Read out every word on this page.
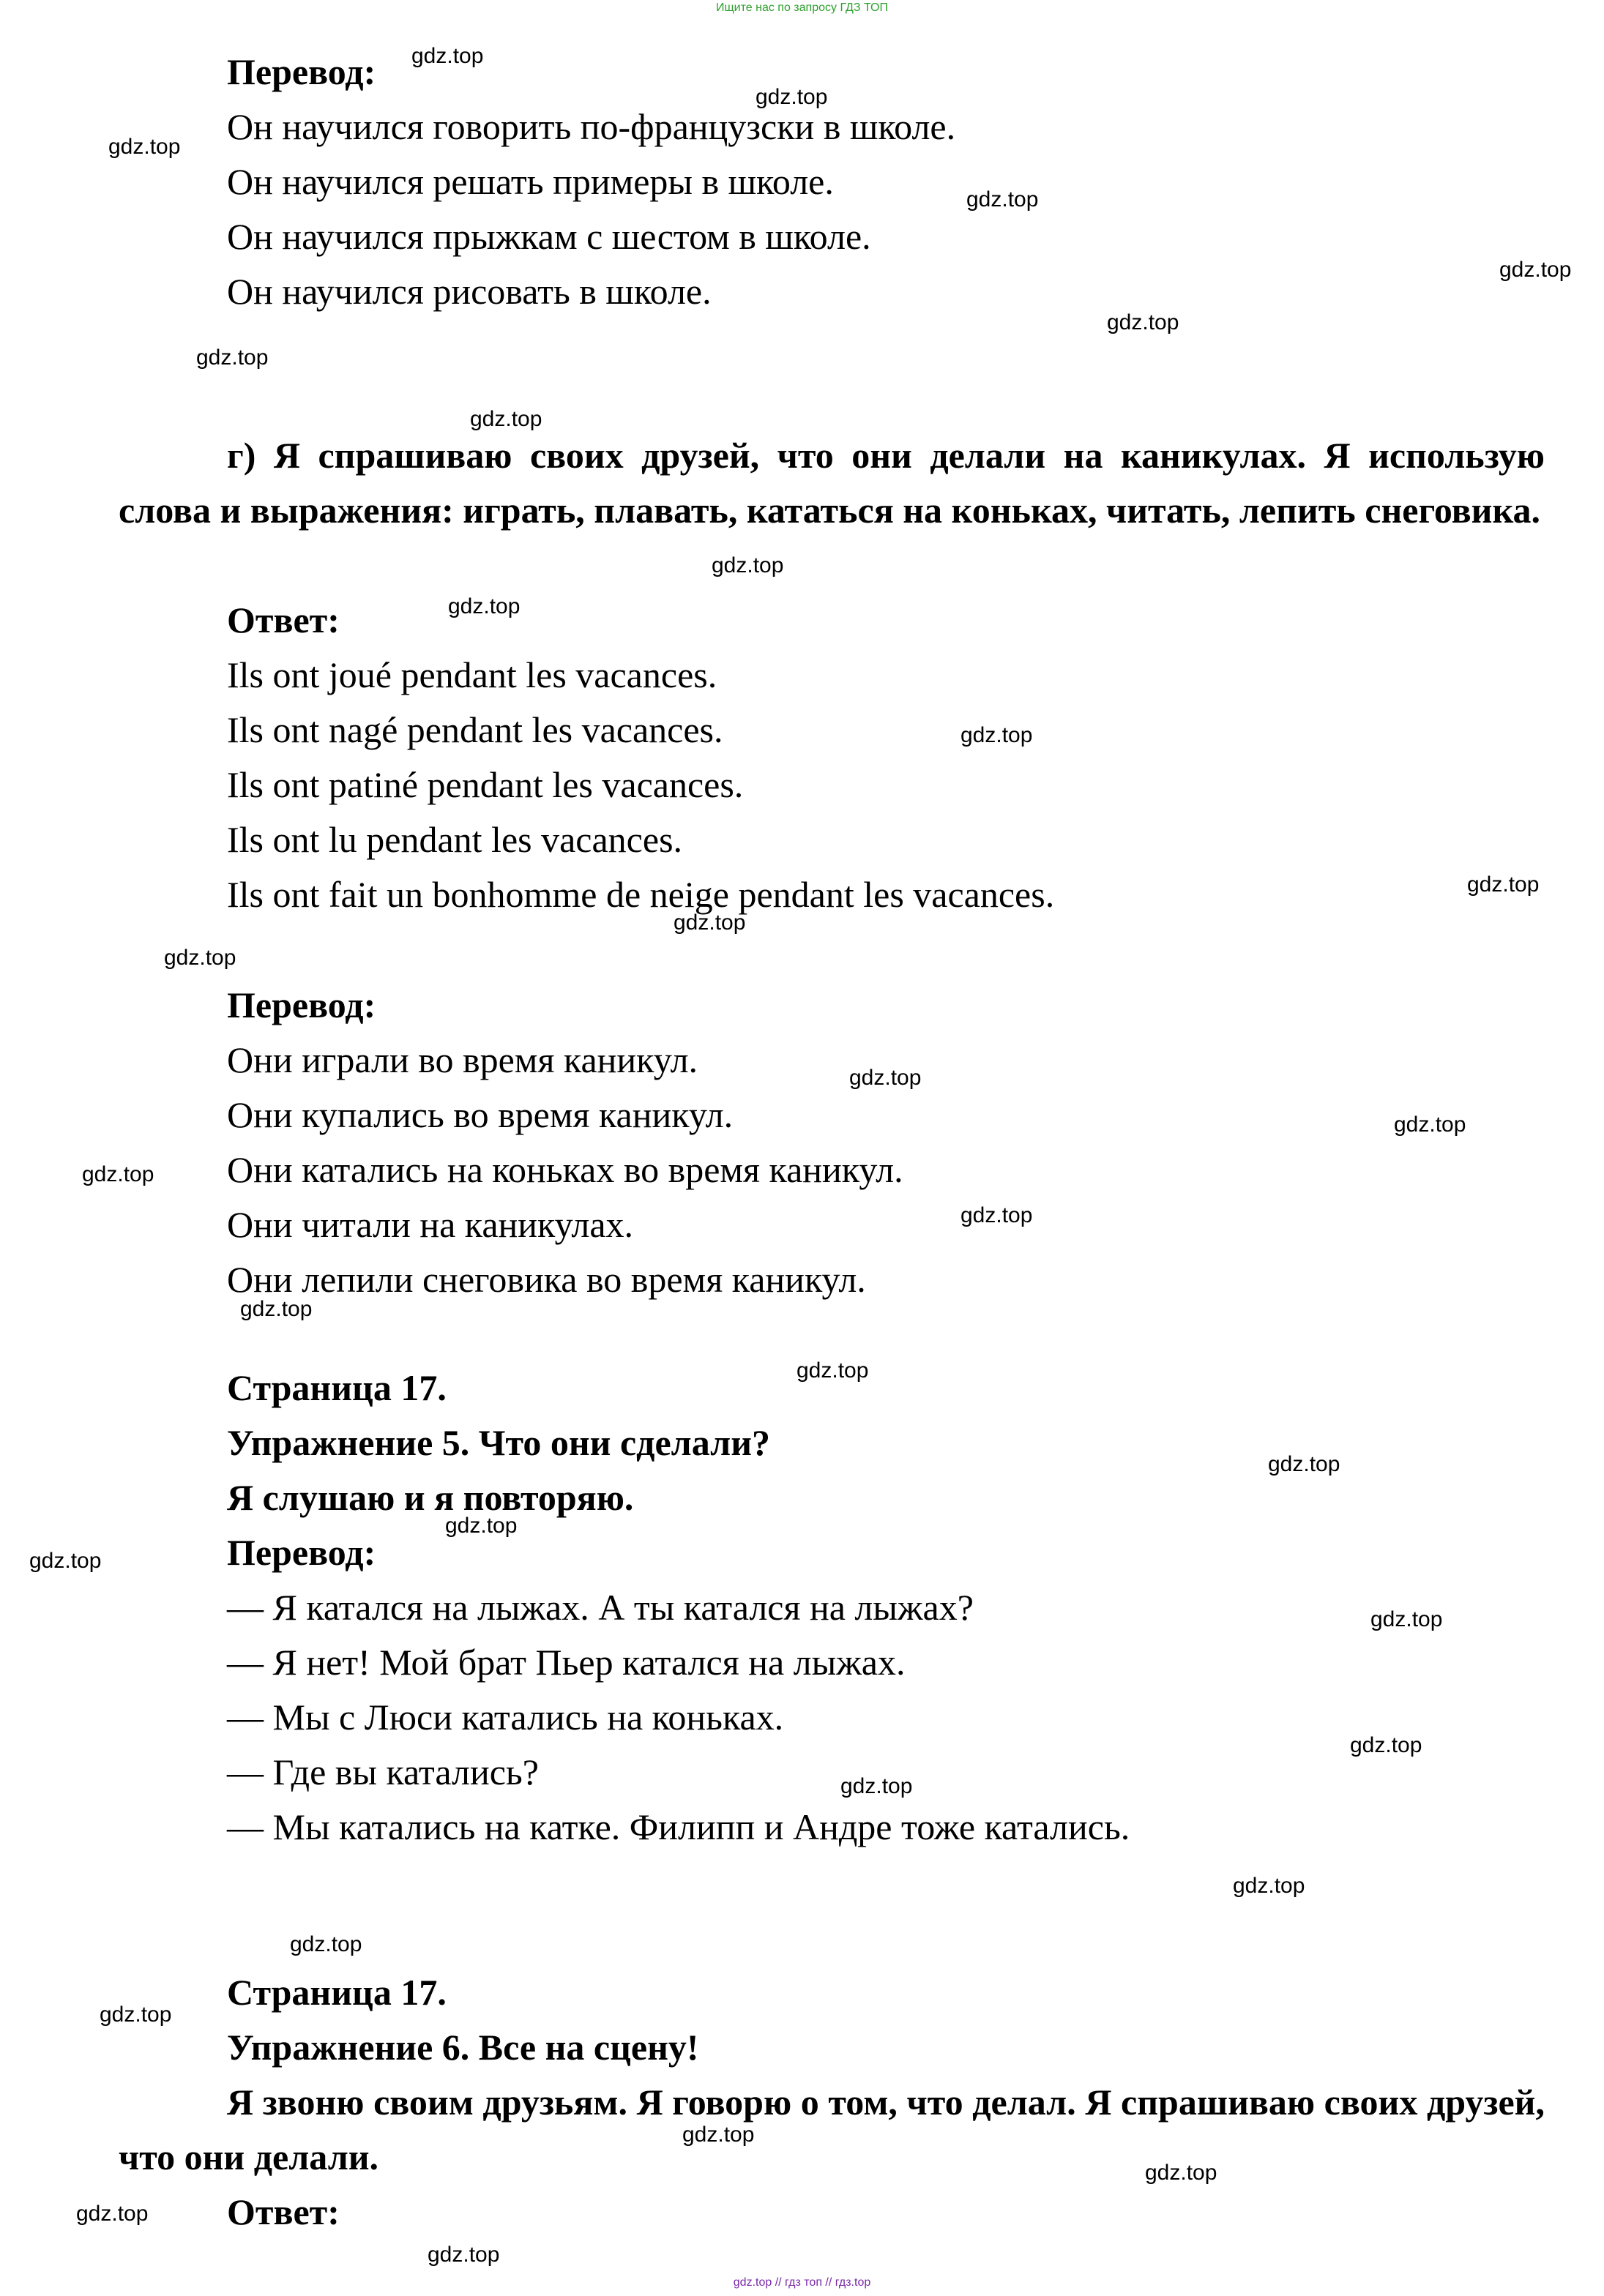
Ищите нас по запросу ГДЗ ТОП
Перевод:
Он научился говорить по-французски в школе.
Он научился решать примеры в школе.
Он научился прыжкам с шестом в школе.
Он научился рисовать в школе.

г) Я спрашиваю своих друзей, что они делали на каникулах. Я использую слова и выражения: играть, плавать, кататься на коньках, читать, лепить снеговика.

Ответ:
Ils ont joué pendant les vacances.
Ils ont nagé pendant les vacances.
Ils ont patiné pendant les vacances.
Ils ont lu pendant les vacances.
Ils ont fait un bonhomme de neige pendant les vacances.
Перевод:
Они играли во время каникул.
Они купались во время каникул.
Они катались на коньках во время каникул.
Они читали на каникулах.
Они лепили снеговика во время каникул.
Страница 17.
Упражнение 5. Что они сделали?
Я слушаю и я повторяю.
Перевод:
— Я катался на лыжах. А ты катался на лыжах?
— Я нет! Мой брат Пьер катался на лыжах.
— Мы с Люси катались на коньках.
— Где вы катались?
— Мы катались на катке. Филипп и Андре тоже катались.
Страница 17.
Упражнение 6. Все на сцену!

Я звоню своим друзьям. Я говорю о том, что делал. Я спрашиваю своих друзей, что они делали.

Ответ:
gdz.top
gdz.top
gdz.top
gdz.top
gdz.top
gdz.top
gdz.top
gdz.top
gdz.top
gdz.top
gdz.top
gdz.top
gdz.top
gdz.top
gdz.top
gdz.top
gdz.top
gdz.top
gdz.top
gdz.top
gdz.top
gdz.top
gdz.top
gdz.top
gdz.top
gdz.top
gdz.top
gdz.top
gdz.top
gdz.top
gdz.top
gdz.top
gdz.top
gdz.top // гдз топ // гдз.top
